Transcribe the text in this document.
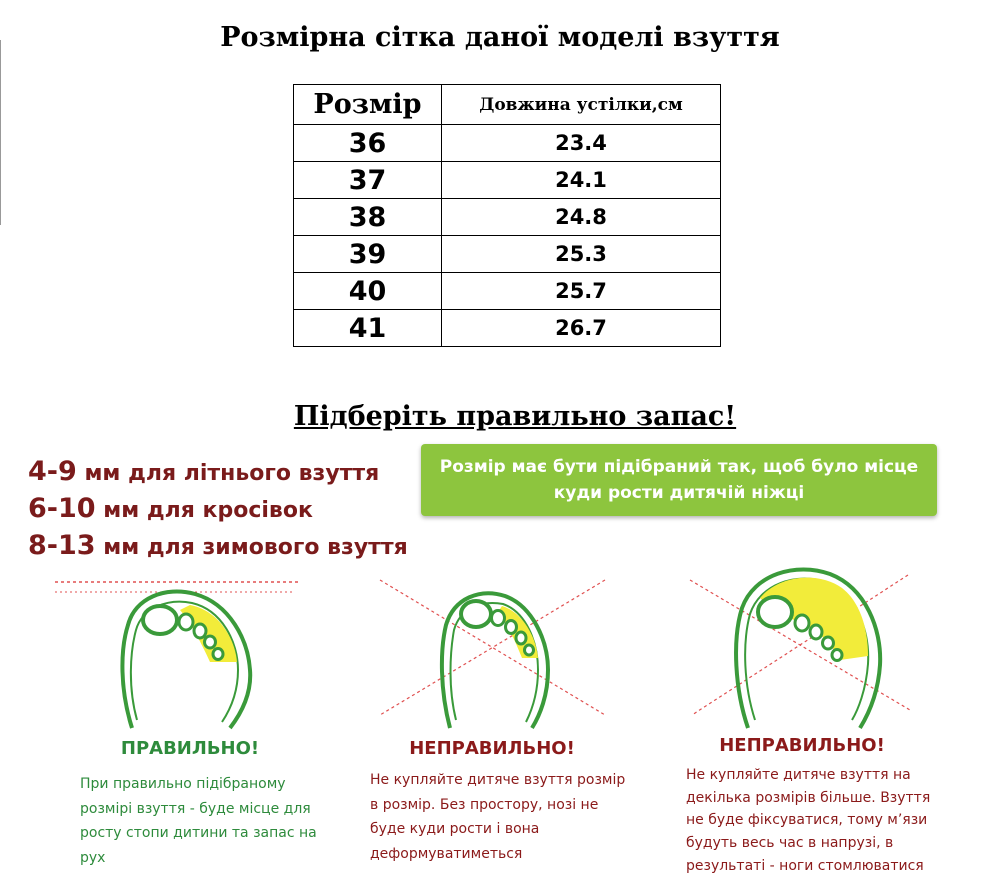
Розмірна сітка даної моделі взуття
Розмір	Довжина устілки,см
36	23.4
37	24.1
38	24.8
39	25.3
40	25.7
41	26.7
Підберіть правильно запас!
4-9 мм для літнього взуття
6-10 мм для кросівок
8-13 мм для зимового взуття
Розмір має бути підібраний так, щоб було місце
куди рости дитячій ніжці
ПРАВИЛЬНО!	НЕПРАВИЛЬНО!	НЕПРАВИЛЬНО!
При правильно підібраному
розмірі взуття - буде місце для
росту стопи дитини та запас на
рух
Не купляйте дитяче взуття розмір
в розмір. Без простору, нозі не
буде куди рости і вона
деформуватиметься
Не купляйте дитяче взуття на
декілька розмірів більше. Взуття
не буде фіксуватися, тому м’язи
будуть весь час в напрузі, в
результаті - ноги стомлюватися
